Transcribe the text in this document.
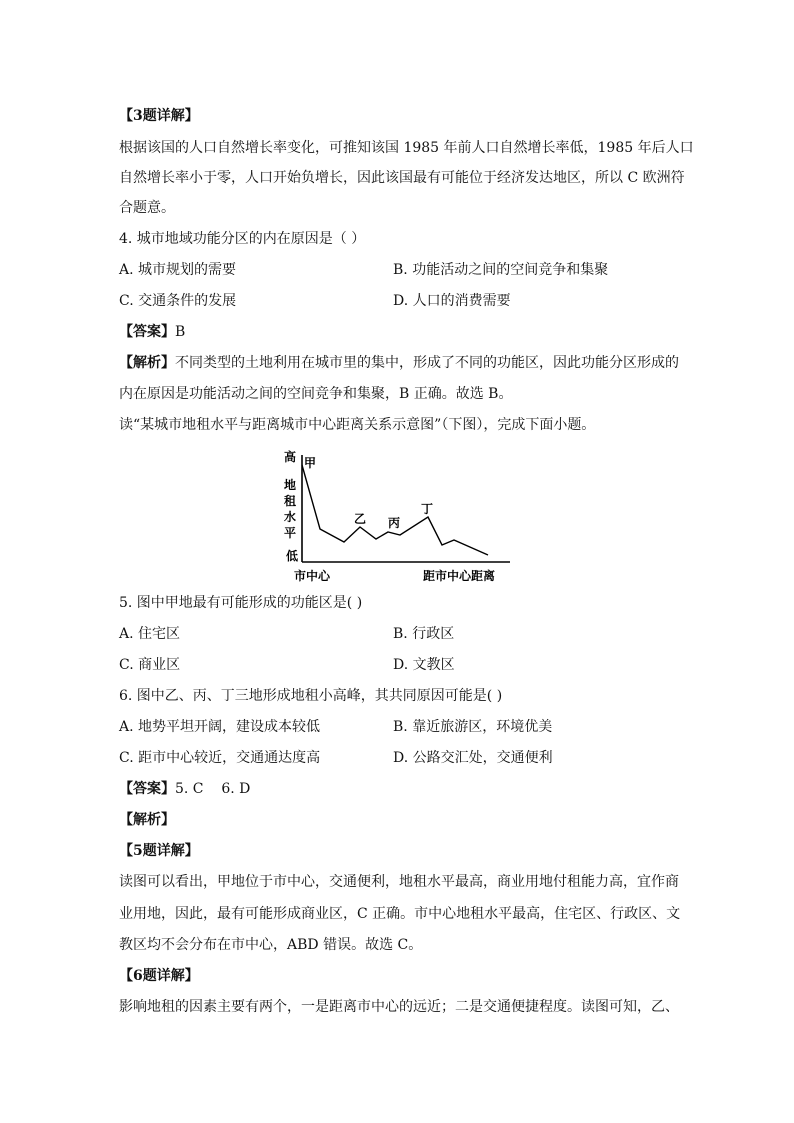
【3题详解】
根据该国的人口自然增长率变化，可推知该国 1985 年前人口自然增长率低，1985 年后人口
自然增长率小于零，人口开始负增长，因此该国最有可能位于经济发达地区，所以 C 欧洲符
合题意。
4. 城市地域功能分区的内在原因是（ ）
A. 城市规划的需要	B. 功能活动之间的空间竞争和集聚
C. 交通条件的发展	D. 人口的消费需要
【答案】B
【解析】不同类型的土地利用在城市里的集中，形成了不同的功能区，因此功能分区形成的
内在原因是功能活动之间的空间竞争和集聚，B 正确。故选 B。
读“某城市地租水平与距离城市中心距离关系示意图”（下图），完成下面小题。
高 甲
地
租
水
平
低
乙 丙
丁
市中心	距市中心距离
5. 图中甲地最有可能形成的功能区是( )
A. 住宅区	B. 行政区
C. 商业区	D. 文教区
6. 图中乙、丙、丁三地形成地租小高峰，其共同原因可能是( )
A. 地势平坦开阔，建设成本较低	B. 靠近旅游区，环境优美
C. 距市中心较近，交通通达度高	D. 公路交汇处，交通便利
【答案】5. C    6. D
【解析】
【5题详解】
读图可以看出，甲地位于市中心，交通便利，地租水平最高，商业用地付租能力高，宜作商
业用地，因此，最有可能形成商业区，C 正确。市中心地租水平最高，住宅区、行政区、文
教区均不会分布在市中心，ABD 错误。故选 C。
【6题详解】
影响地租的因素主要有两个，一是距离市中心的远近；二是交通便捷程度。读图可知，乙、
